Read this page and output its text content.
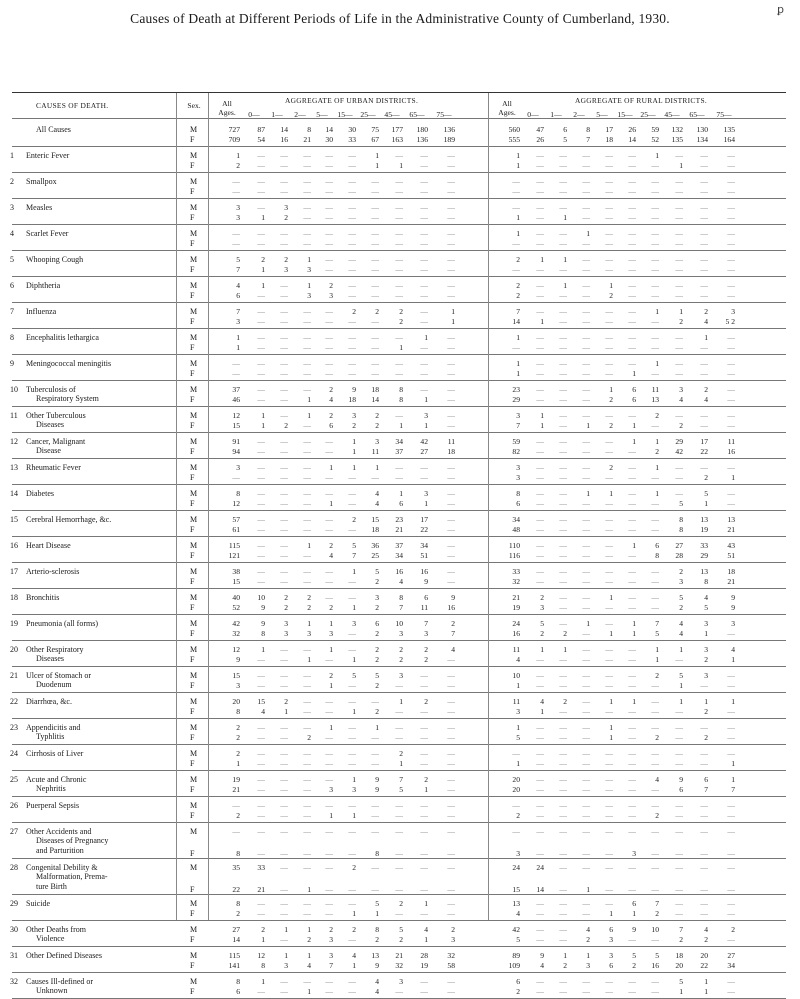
Causes of Death at Different Periods of Life in the Administrative County of Cumberland, 1930.
ꝑ
CAUSES OF DEATH.	Sex.	All Ages.
AGGREGATE OF URBAN DISTRICTS.	All Ages.
AGGREGATE OF RURAL DISTRICTS.
0—	0—
1—	1—
2—	2—
5—	5—
15—	15—
25—	25—
45—	45—
65—	65—
75—	75—
All Causes	M	727	87	14	8	14	30	75	177	180	136	560	47	6	8	17	26	59	132	130	135
F	709	54	16	21	30	33	67	163	136	189	555	26	5	7	18	14	52	135	134	164
1 Enteric Fever	M	1	—	—	—	—	—	1	—	—	—	1	—	—	—	—	—	1	—	—	—
F	2	—	—	—	—	—	1	1	—	—	1	—	—	—	—	—	—	1	—	—
2 Smallpox	M	—	—	—	—	—	—	—	—	—	—	—	—	—	—	—	—	—	—	—	—
F	—	—	—	—	—	—	—	—	—	—	—	—	—	—	—	—	—	—	—	—
3 Measles	M	3	—	3	—	—	—	—	—	—	—	—	—	—	—	—	—	—	—	—	—
F	3	1	2	—	—	—	—	—	—	—	1	—	1	—	—	—	—	—	—	—
4 Scarlet Fever	M	—	—	—	—	—	—	—	—	—	—	1	—	—	1	—	—	—	—	—	—
F	—	—	—	—	—	—	—	—	—	—	—	—	—	—	—	—	—	—	—	—
5 Whooping Cough	M	5	2	2	1	—	—	—	—	—	—	2	1	1	—	—	—	—	—	—	—
F	7	1	3	3	—	—	—	—	—	—	—	—	—	—	—	—	—	—	—	—
6 Diphtheria	M	4	1	—	1	2	—	—	—	—	—	2	—	1	—	1	—	—	—	—	—
F	6	—	—	3	3	—	—	—	—	—	2	—	—	—	2	—	—	—	—	—
7 Influenza	M	7	—	—	—	—	2	2	2	—	1	7	—	—	—	—	—	1	1	2	3
F	3	—	—	—	—	—	—	2	—	1	14	1	—	—	—	—	—	2	4	5 2
8 Encephalitis lethargica	M	1	—	—	—	—	—	—	—	1	—	1	—	—	—	—	—	—	—	1	—
F	1	—	—	—	—	—	—	1	—	—	—	—	—	—	—	—	—	—	—	—
9 Meningococcal meningitis	M	—	—	—	—	—	—	—	—	—	—	1	—	—	—	—	—	1	—	—	—
F	—	—	—	—	—	—	—	—	—	—	1	—	—	—	—	1	—	—	—	—
10 Tuberculosis of
Respiratory System
M	37	—	—	—	2	9	18	8	—	—	23	—	—	—	1	6	11	3	2	—
F	46	—	—	1	4	18	14	8	1	—	29	—	—	—	2	6	13	4	4	—
11 Other Tuberculous
Diseases
M	12	1	—	1	2	3	2	—	3	—	3	1	—	—	—	—	2	—	—	—
F	15	1	2	—	6	2	2	1	1	—	7	1	—	1	2	1	—	2	—	—
12 Cancer, Malignant
Disease
M	91	—	—	—	—	1	3	34	42	11	59	—	—	—	—	1	1	29	17	11
F	94	—	—	—	—	1	11	37	27	18	82	—	—	—	—	—	2	42	22	16
13 Rheumatic Fever	M	3	—	—	—	1	1	1	—	—	—	3	—	—	—	2	—	1	—	—	—
F	—	—	—	—	—	—	—	—	—	—	3	—	—	—	—	—	—	—	2	1
14 Diabetes	M	8	—	—	—	—	—	4	1	3	—	8	—	—	1	1	—	1	—	5	—
F	12	—	—	—	1	—	4	6	1	—	6	—	—	—	—	—	—	5	1	—
15 Cerebral Hemorrhage, &c.	M	57	—	—	—	—	2	15	23	17	—	34	—	—	—	—	—	—	8	13	13
F	61	—	—	—	—	—	18	21	22	—	48	—	—	—	—	—	—	8	19	21
16 Heart Disease	M	115	—	—	1	2	5	36	37	34	—	110	—	—	—	—	1	6	27	33	43
F	121	—	—	—	4	7	25	34	51	—	116	—	—	—	—	—	8	28	29	51
17 Arterio-sclerosis	M	38	—	—	—	—	1	5	16	16	—	33	—	—	—	—	—	—	2	13	18
F	15	—	—	—	—	—	2	4	9	—	32	—	—	—	—	—	—	3	8	21
18 Bronchitis	M	40	10	2	2	—	—	3	8	6	9	21	2	—	—	1	—	—	5	4	9
F	52	9	2	2	2	1	2	7	11	16	19	3	—	—	—	—	—	2	5	9
19 Pneumonia (all forms)	M	42	9	3	1	1	3	6	10	7	2	24	5	—	1	—	1	7	4	3	3
F	32	8	3	3	3	—	2	3	3	7	16	2	2	—	1	1	5	4	1	—
20 Other Respiratory
Diseases
M	12	1	—	—	1	—	2	2	2	4	11	1	1	—	—	—	1	1	3	4
F	9	—	—	1	—	1	2	2	2	—	4	—	—	—	—	—	1	—	2	1
21 Ulcer of Stomach or
Duodenum
M	15	—	—	—	2	5	5	3	—	—	10	—	—	—	—	—	2	5	3	—
F	3	—	—	—	1	—	2	—	—	—	1	—	—	—	—	—	—	1	—	—
22 Diarrhœa, &c.	M	20	15	2	—	—	—	—	1	2	—	11	4	2	—	1	1	—	1	1	1
F	8	4	1	—	—	1	2	—	—	—	3	1	—	—	—	—	—	—	2	—
23 Appendicitis and
Typhlitis
M	2	—	—	—	1	—	1	—	—	—	1	—	—	—	1	—	—	—	—	—
F	2	—	—	2	—	—	—	—	—	—	5	—	—	—	1	—	2	—	2	—
24 Cirrhosis of Liver	M	2	—	—	—	—	—	—	2	—	—	—	—	—	—	—	—	—	—	—	—
F	1	—	—	—	—	—	—	1	—	—	1	—	—	—	—	—	—	—	—	1
25 Acute and Chronic
Nephritis
M	19	—	—	—	—	1	9	7	2	—	20	—	—	—	—	—	4	9	6	1
F	21	—	—	—	3	3	9	5	1	—	20	—	—	—	—	—	—	6	7	7
26 Puerperal Sepsis	M	—	—	—	—	—	—	—	—	—	—	—	—	—	—	—	—	—	—	—	—
F	2	—	—	—	1	1	—	—	—	—	2	—	—	—	—	—	2	—	—	—
27 Other Accidents and
Diseases of Pregnancy
and Parturition
M	—	—	—	—	—	—	—	—	—	—	—	—	—	—	—	—	—	—	—	—
F	8	—	—	—	—	—	8	—	—	—	3	—	—	—	—	3	—	—	—	—
28 Congenital Debility &
Malformation, Prema-
ture Birth
M	35	33	—	—	—	2	—	—	—	—	24	24	—	—	—	—	—	—	—	—
F	22	21	—	1	—	—	—	—	—	—	15	14	—	1	—	—	—	—	—	—
29 Suicide	M	8	—	—	—	—	—	5	2	1	—	13	—	—	—	—	6	7	—	—	—
F	2	—	—	—	—	1	1	—	—	—	4	—	—	—	1	1	2	—	—	—
30 Other Deaths from
Violence
M	27	2	1	1	2	2	8	5	4	2	42	—	—	4	6	9	10	7	4	2
F	14	1	—	2	3	—	2	2	1	3	5	—	—	2	3	—	—	2	2	—
31 Other Defined Diseases	M	115	12	1	1	3	4	13	21	28	32	89	9	1	1	3	5	5	18	20	27
F	141	8	3	4	7	1	9	32	19	58	109	4	2	3	6	2	16	20	22	34
32 Causes Ill-defined or
Unknown
M	8	1	—	—	—	—	4	3	—	—	6	—	—	—	—	—	—	5	1	—
F	6	—	—	1	—	—	4	—	—	—	2	—	—	—	—	—	—	1	1	—
